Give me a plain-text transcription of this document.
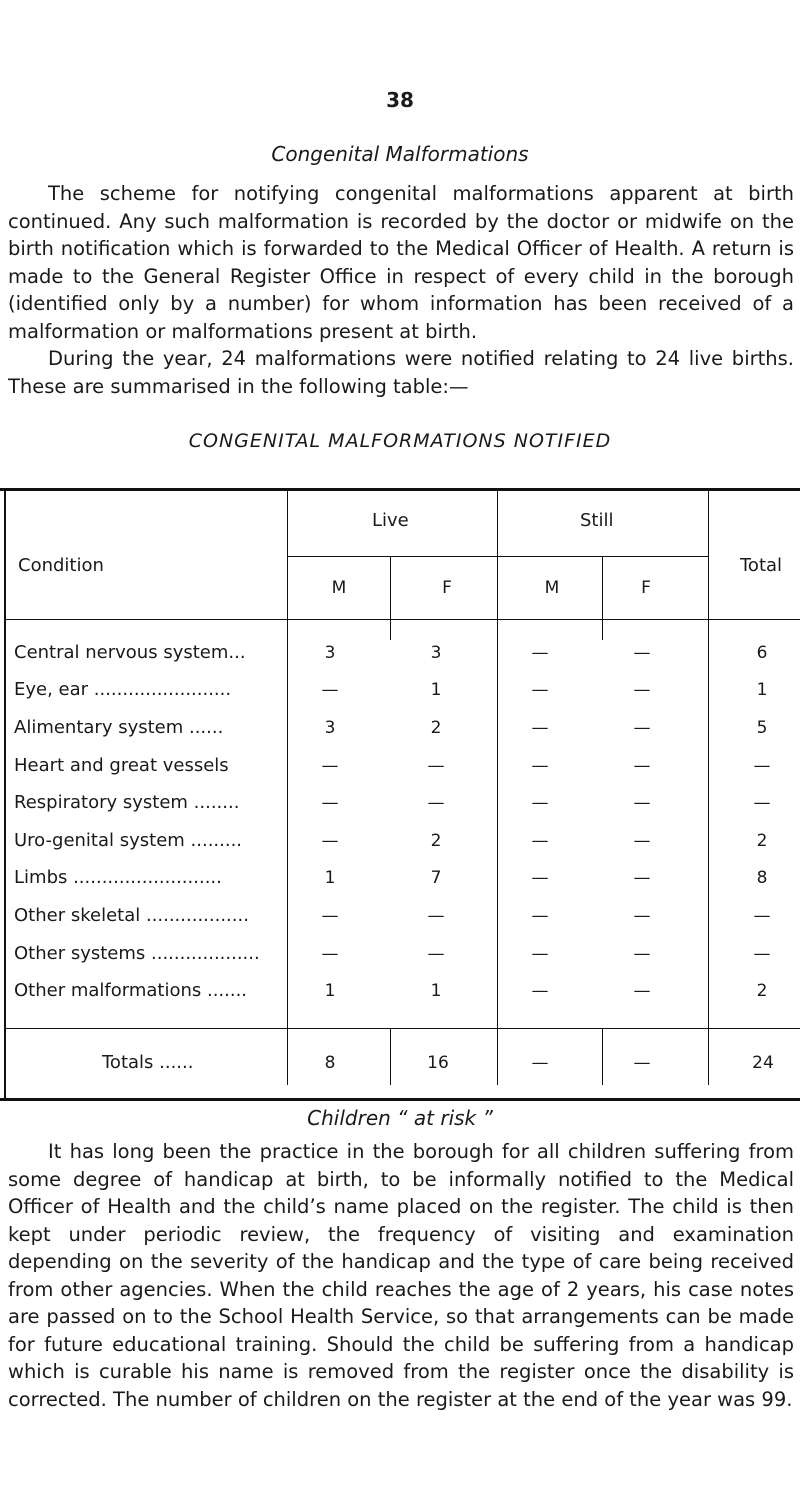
38
Congenital Malformations

The scheme for notifying congenital malformations apparent at birth continued. Any such malformation is recorded by the doctor or midwife on the birth notification which is forwarded to the Medical Officer of Health. A return is made to the General Register Office in respect of every child in the borough (identified only by a number) for whom information has been received of a malformation or malformations present at birth.

During the year, 24 malformations were notified relating to 24 live births. These are summarised in the following table:—

CONGENITAL MALFORMATIONS NOTIFIED
Condition
Live	Still
Total
M	F	M	F
Central nervous system...	3	3	—	—	6
Eye, ear ........................	—	1	—	—	1
Alimentary system ......	3	2	—	—	5
Heart and great vessels	—	—	—	—	—
Respiratory system ........	—	—	—	—	—
Uro-genital system .........	—	2	—	—	2
Limbs ..........................	1	7	—	—	8
Other skeletal ..................	—	—	—	—	—
Other systems ...................	—	—	—	—	—
Other malformations .......	1	1	—	—	2
Totals ......	8	16	—	—	24
Children “ at risk ”

It has long been the practice in the borough for all children suffering from some degree of handicap at birth, to be informally notified to the Medical Officer of Health and the child’s name placed on the register. The child is then kept under periodic review, the frequency of visiting and examination depending on the severity of the handicap and the type of care being received from other agencies. When the child reaches the age of 2 years, his case notes are passed on to the School Health Service, so that arrangements can be made for future educational training. Should the child be suffering from a handicap which is curable his name is removed from the register once the disability is corrected. The number of children on the register at the end of the year was 99.
